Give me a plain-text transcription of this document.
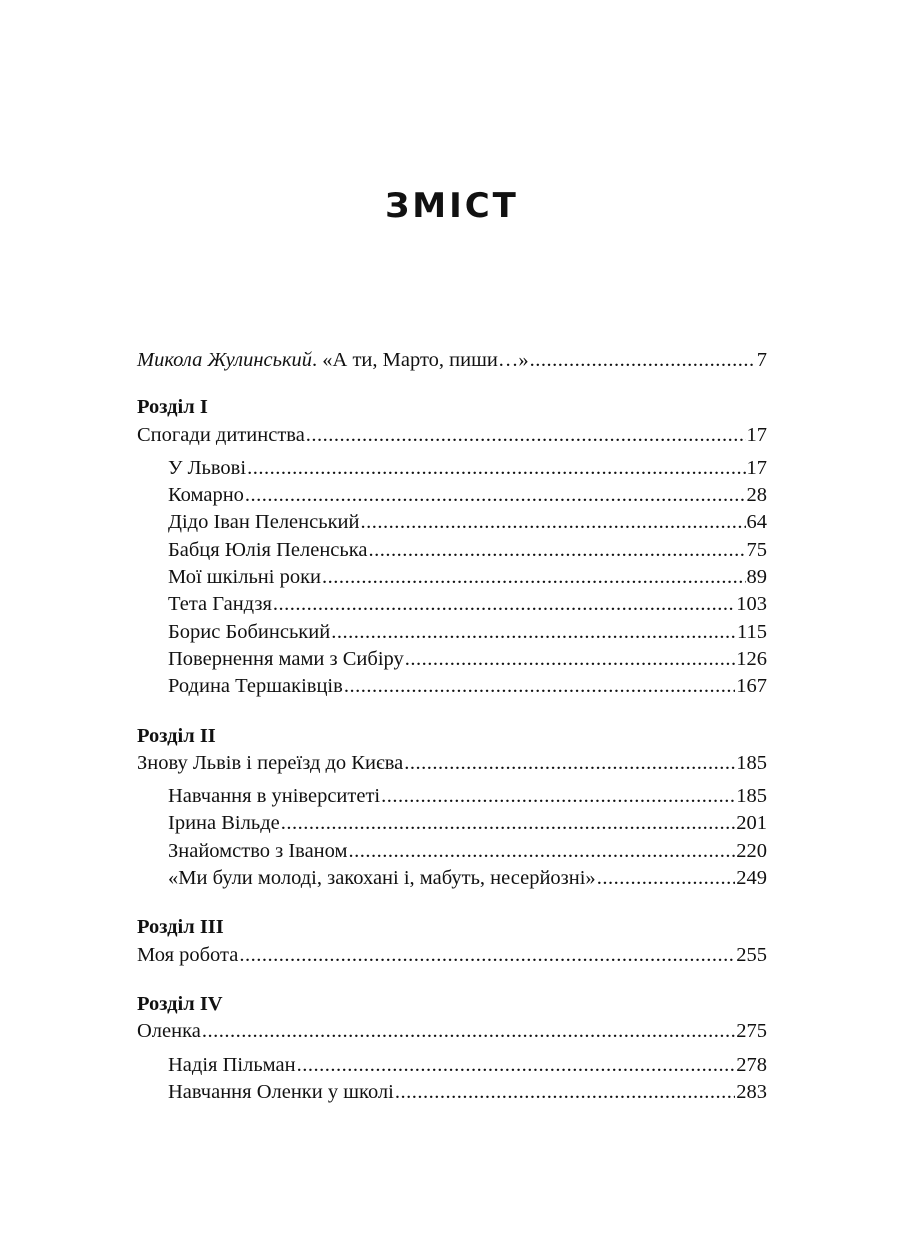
ЗМІСТ
Микола Жулинський. «А ти, Марто, пиши…» .....	7
Розділ I
Спогади дитинства .....	17
У Львові .....	17
Комарно .....	28
Дідо Іван Пеленський .....	64
Бабця Юлія Пеленська .....	75
Мої шкільні роки .....	89
Тета Гандзя .....	103
Борис Бобинський .....	115
Повернення мами з Сибіру .....	126
Родина Тершаківців .....	167
Розділ II
Знову Львів і переїзд до Києва .....	185
Навчання в університеті .....	185
Ірина Вільде .....	201
Знайомство з Іваном .....	220
«Ми були молоді, закохані і, мабуть, несерйозні» .....	249
Розділ III
Моя робота .....	255
Розділ IV
Оленка .....	275
Надія Пільман .....	278
Навчання Оленки у школі .....	283
